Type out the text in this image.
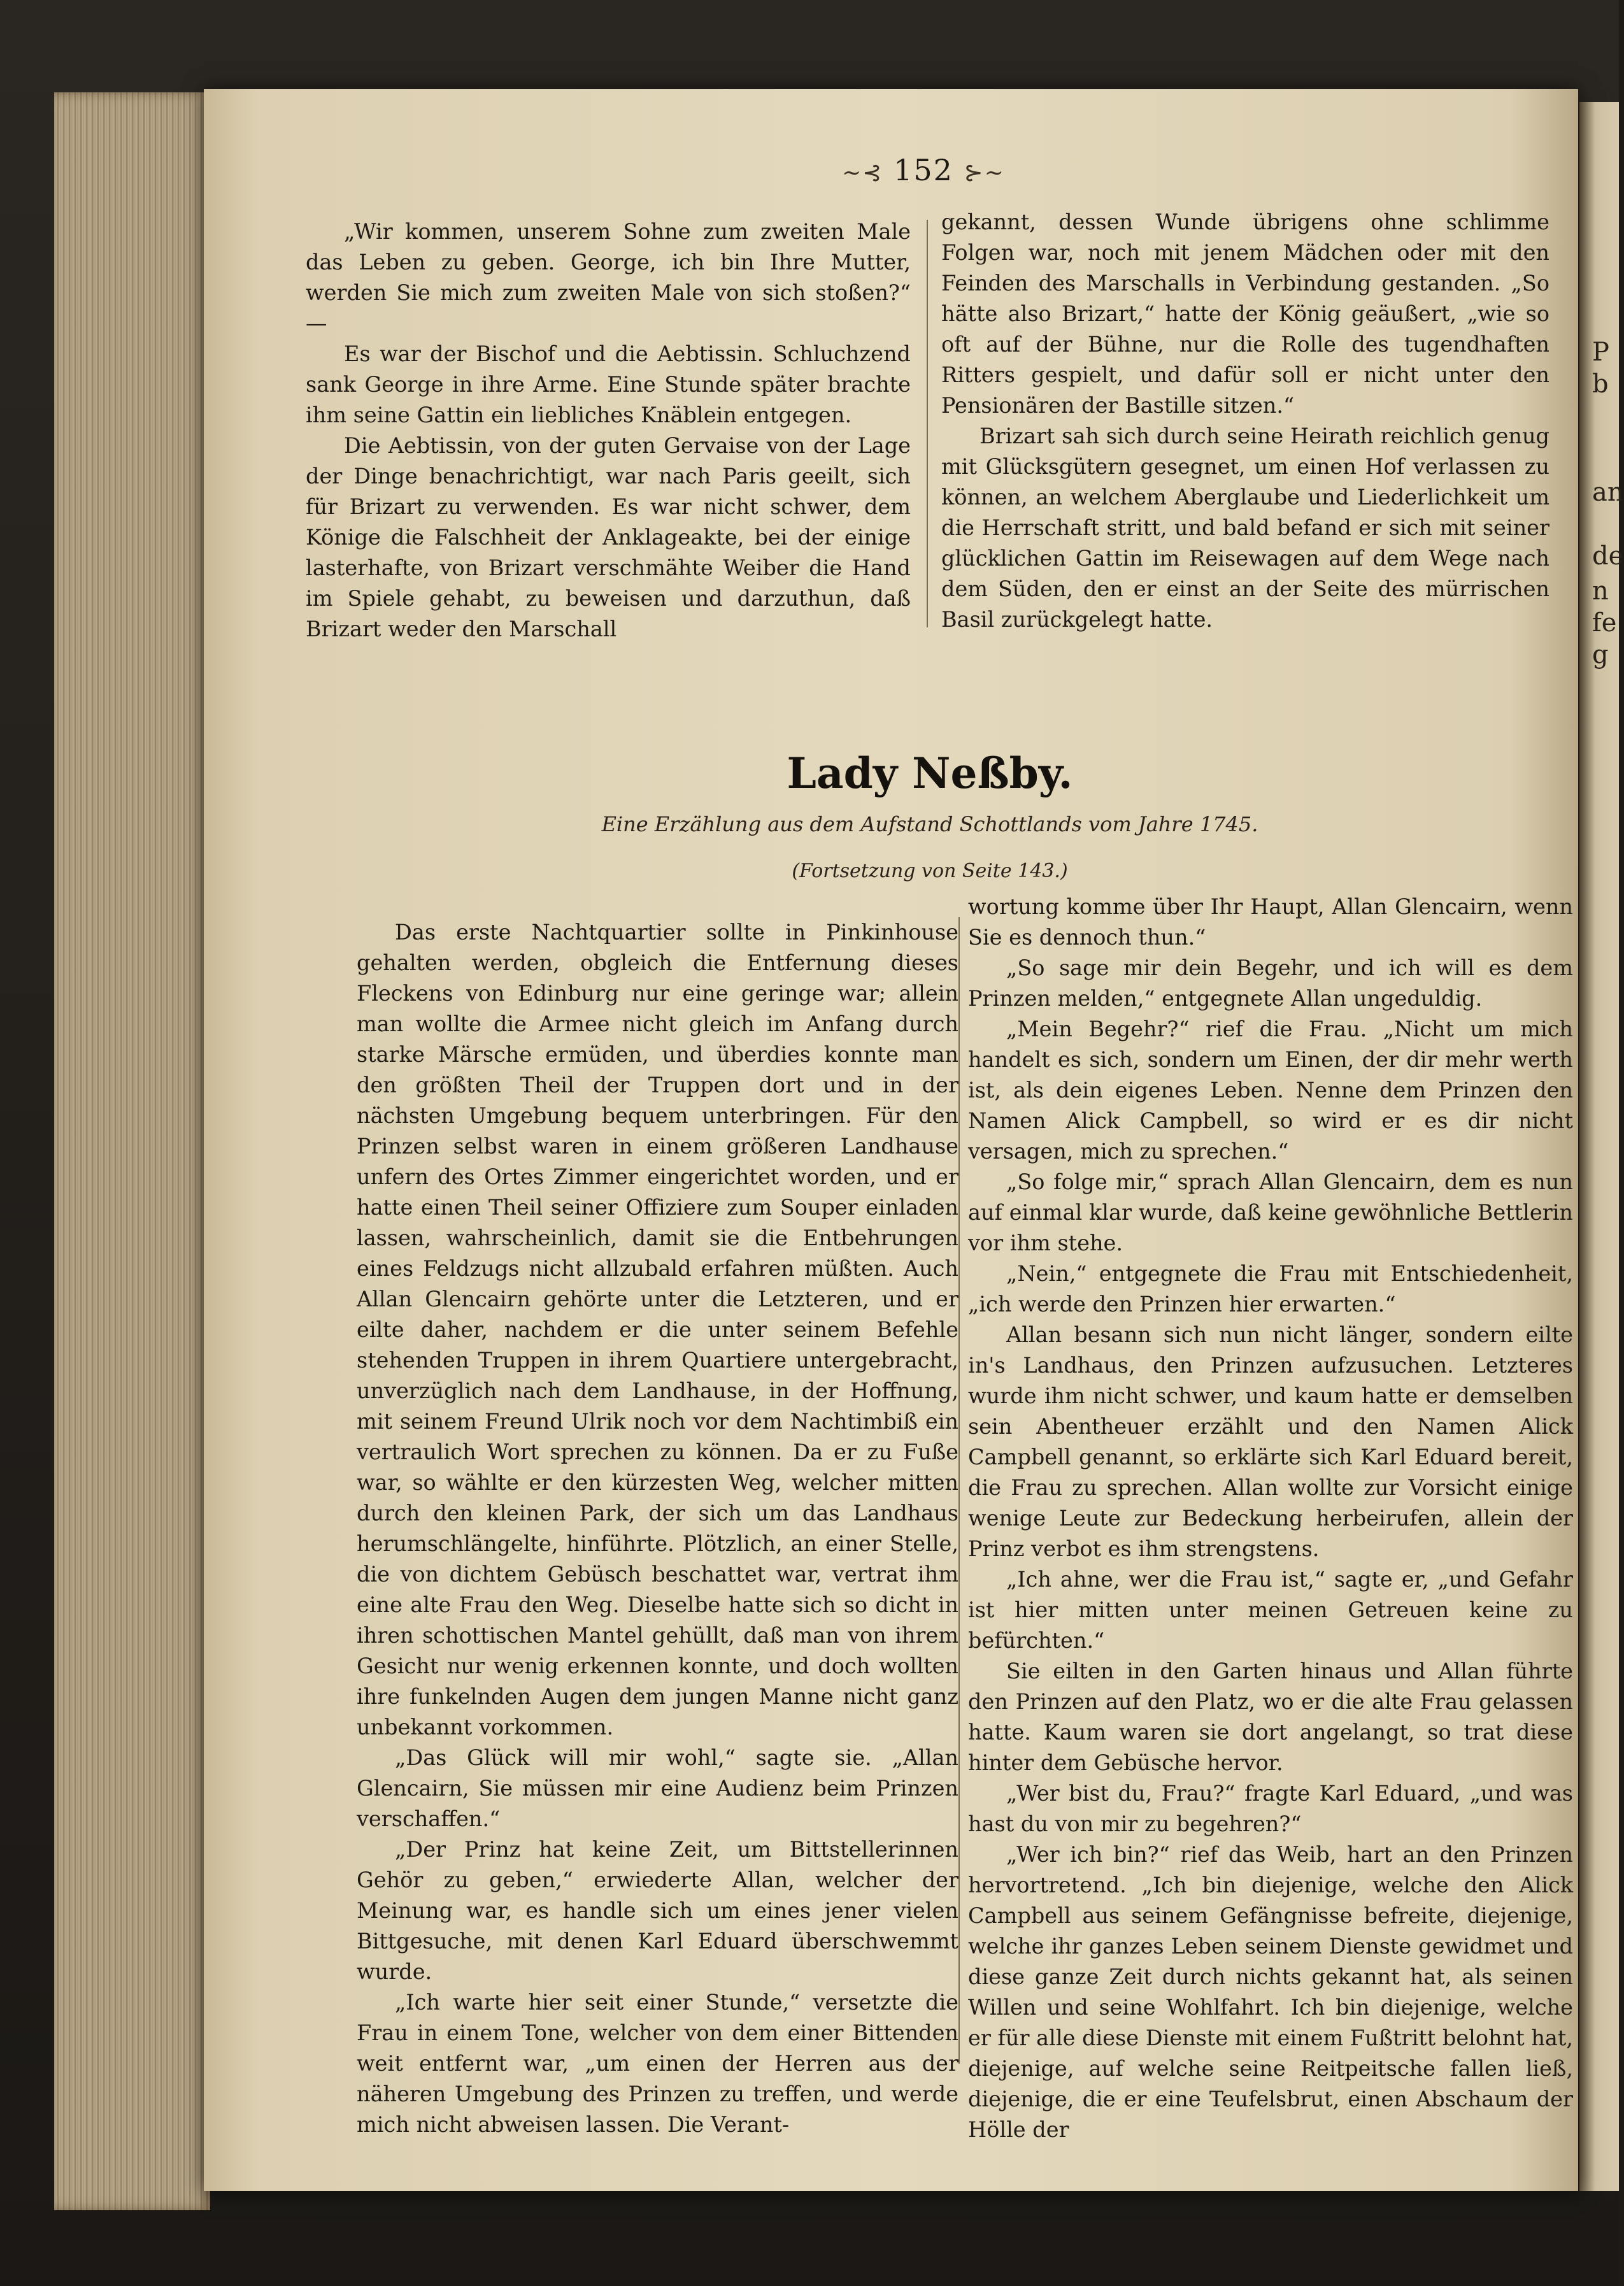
P
b
an
de
n
fe
g
~⊰ 152 ⊱~

„Wir kommen, unserem Sohne zum zweiten Male das Leben zu geben. George, ich bin Ihre Mutter, werden Sie mich zum zweiten Male von sich stoßen?“ —

Es war der Bischof und die Aebtissin. Schluchzend sank George in ihre Arme. Eine Stunde später brachte ihm seine Gattin ein liebliches Knäblein entgegen.

Die Aebtissin, von der guten Gervaise von der Lage der Dinge benachrichtigt, war nach Paris geeilt, sich für Brizart zu verwenden. Es war nicht schwer, dem Könige die Falschheit der Anklageakte, bei der einige lasterhafte, von Brizart verschmähte Weiber die Hand im Spiele gehabt, zu beweisen und darzuthun, daß Brizart weder den Marschall

gekannt, dessen Wunde übrigens ohne schlimme Folgen war, noch mit jenem Mädchen oder mit den Feinden des Marschalls in Verbindung gestanden. „So hätte also Brizart,“ hatte der König geäußert, „wie so oft auf der Bühne, nur die Rolle des tugendhaften Ritters gespielt, und dafür soll er nicht unter den Pensionären der Bastille sitzen.“

Brizart sah sich durch seine Heirath reichlich genug mit Glücksgütern gesegnet, um einen Hof verlassen zu können, an welchem Aberglaube und Liederlichkeit um die Herrschaft stritt, und bald befand er sich mit seiner glücklichen Gattin im Reisewagen auf dem Wege nach dem Süden, den er einst an der Seite des mürrischen Basil zurückgelegt hatte.

Lady Neßby.
Eine Erzählung aus dem Aufstand Schottlands vom Jahre 1745.
(Fortsetzung von Seite 143.)

Das erste Nachtquartier sollte in Pinkinhouse gehalten werden, obgleich die Entfernung dieses Fleckens von Edinburg nur eine geringe war; allein man wollte die Armee nicht gleich im Anfang durch starke Märsche ermüden, und überdies konnte man den größten Theil der Truppen dort und in der nächsten Umgebung bequem unterbringen. Für den Prinzen selbst waren in einem größeren Landhause unfern des Ortes Zimmer eingerichtet worden, und er hatte einen Theil seiner Offiziere zum Souper einladen lassen, wahrscheinlich, damit sie die Entbehrungen eines Feldzugs nicht allzubald erfahren müßten. Auch Allan Glencairn gehörte unter die Letzteren, und er eilte daher, nachdem er die unter seinem Befehle stehenden Truppen in ihrem Quartiere untergebracht, unverzüglich nach dem Landhause, in der Hoffnung, mit seinem Freund Ulrik noch vor dem Nachtimbiß ein vertraulich Wort sprechen zu können. Da er zu Fuße war, so wählte er den kürzesten Weg, welcher mitten durch den kleinen Park, der sich um das Landhaus herumschlängelte, hinführte. Plötzlich, an einer Stelle, die von dichtem Gebüsch beschattet war, vertrat ihm eine alte Frau den Weg. Dieselbe hatte sich so dicht in ihren schottischen Mantel gehüllt, daß man von ihrem Gesicht nur wenig erkennen konnte, und doch wollten ihre funkelnden Augen dem jungen Manne nicht ganz unbekannt vorkommen.

„Das Glück will mir wohl,“ sagte sie. „Allan Glencairn, Sie müssen mir eine Audienz beim Prinzen verschaffen.“

„Der Prinz hat keine Zeit, um Bittstellerinnen Gehör zu geben,“ erwiederte Allan, welcher der Meinung war, es handle sich um eines jener vielen Bittgesuche, mit denen Karl Eduard überschwemmt wurde.

„Ich warte hier seit einer Stunde,“ versetzte die Frau in einem Tone, welcher von dem einer Bittenden weit entfernt war, „um einen der Herren aus der näheren Umgebung des Prinzen zu treffen, und werde mich nicht abweisen lassen. Die Verant-

wortung komme über Ihr Haupt, Allan Glencairn, wenn Sie es dennoch thun.“

„So sage mir dein Begehr, und ich will es dem Prinzen melden,“ entgegnete Allan ungeduldig.

„Mein Begehr?“ rief die Frau. „Nicht um mich handelt es sich, sondern um Einen, der dir mehr werth ist, als dein eigenes Leben. Nenne dem Prinzen den Namen Alick Campbell, so wird er es dir nicht versagen, mich zu sprechen.“

„So folge mir,“ sprach Allan Glencairn, dem es nun auf einmal klar wurde, daß keine gewöhnliche Bettlerin vor ihm stehe.

„Nein,“ entgegnete die Frau mit Entschiedenheit, „ich werde den Prinzen hier erwarten.“

Allan besann sich nun nicht länger, sondern eilte in's Landhaus, den Prinzen aufzusuchen. Letzteres wurde ihm nicht schwer, und kaum hatte er demselben sein Abentheuer erzählt und den Namen Alick Campbell genannt, so erklärte sich Karl Eduard bereit, die Frau zu sprechen. Allan wollte zur Vorsicht einige wenige Leute zur Bedeckung herbeirufen, allein der Prinz verbot es ihm strengstens.

„Ich ahne, wer die Frau ist,“ sagte er, „und Gefahr ist hier mitten unter meinen Getreuen keine zu befürchten.“

Sie eilten in den Garten hinaus und Allan führte den Prinzen auf den Platz, wo er die alte Frau gelassen hatte. Kaum waren sie dort angelangt, so trat diese hinter dem Gebüsche hervor.

„Wer bist du, Frau?“ fragte Karl Eduard, „und was hast du von mir zu begehren?“

„Wer ich bin?“ rief das Weib, hart an den Prinzen hervortretend. „Ich bin diejenige, welche den Alick Campbell aus seinem Gefängnisse befreite, diejenige, welche ihr ganzes Leben seinem Dienste gewidmet und diese ganze Zeit durch nichts gekannt hat, als seinen Willen und seine Wohlfahrt. Ich bin diejenige, welche er für alle diese Dienste mit einem Fußtritt belohnt hat, diejenige, auf welche seine Reitpeitsche fallen ließ, diejenige, die er eine Teufelsbrut, einen Abschaum der Hölle der
